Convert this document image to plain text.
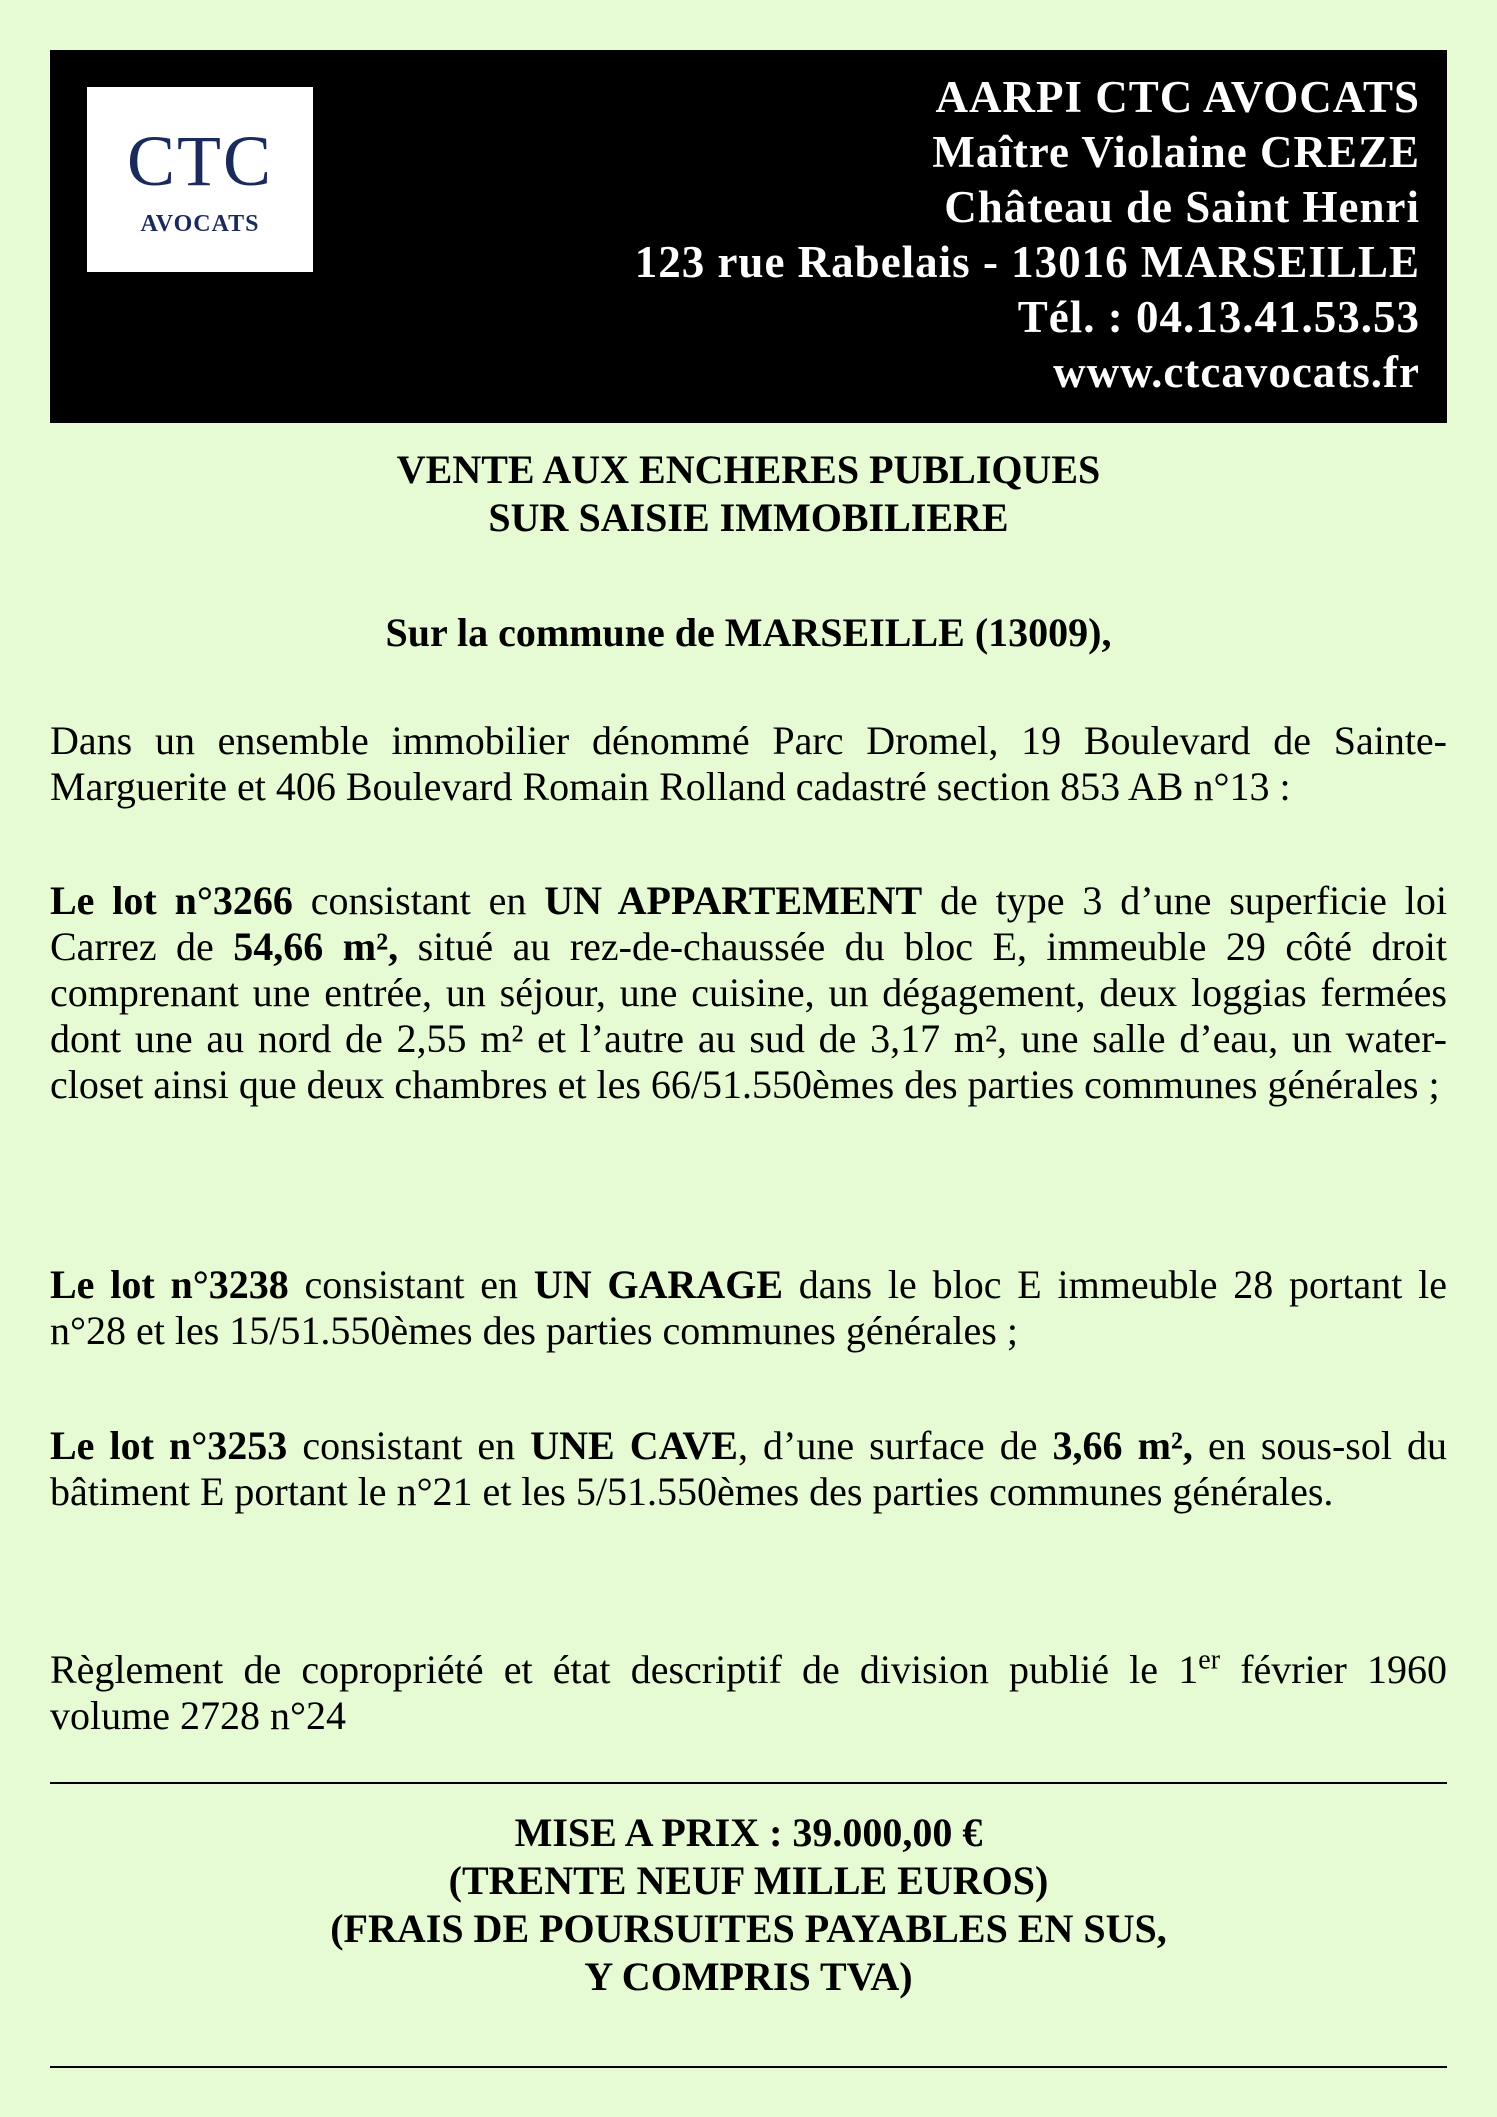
CTC
AVOCATS
AARPI CTC AVOCATS
Maître Violaine CREZE
Château de Saint Henri
123 rue Rabelais - 13016 MARSEILLE
Tél. : 04.13.41.53.53
www.ctcavocats.fr
VENTE AUX ENCHERES PUBLIQUES
SUR SAISIE IMMOBILIERE
Sur la commune de MARSEILLE (13009),

Dans un ensemble immobilier dénommé Parc Dromel, 19 Boulevard de Sainte-Marguerite et 406 Boulevard Romain Rolland cadastré section 853 AB n°13 :

Le lot n°3266 consistant en UN APPARTEMENT de type 3 d’une superficie loi Carrez de 54,66 m², situé au rez-de-chaussée du bloc E, immeuble 29 côté droit comprenant une entrée, un séjour, une cuisine, un dégagement, deux loggias fermées dont une au nord de 2,55 m² et l’autre au sud de 3,17 m², une salle d’eau, un water-closet ainsi que deux chambres et les 66/51.550èmes des parties communes générales ;

Le lot n°3238 consistant en UN GARAGE dans le bloc E immeuble 28 portant le n°28 et les 15/51.550èmes des parties communes générales ;

Le lot n°3253 consistant en UNE CAVE, d’une surface de 3,66 m², en sous-sol du bâtiment E portant le n°21 et les 5/51.550èmes des parties communes générales.

Règlement de copropriété et état descriptif de division publié le 1er février 1960 volume 2728 n°24

MISE A PRIX : 39.000,00 €
(TRENTE NEUF MILLE EUROS)
(FRAIS DE POURSUITES PAYABLES EN SUS,
Y COMPRIS TVA)
